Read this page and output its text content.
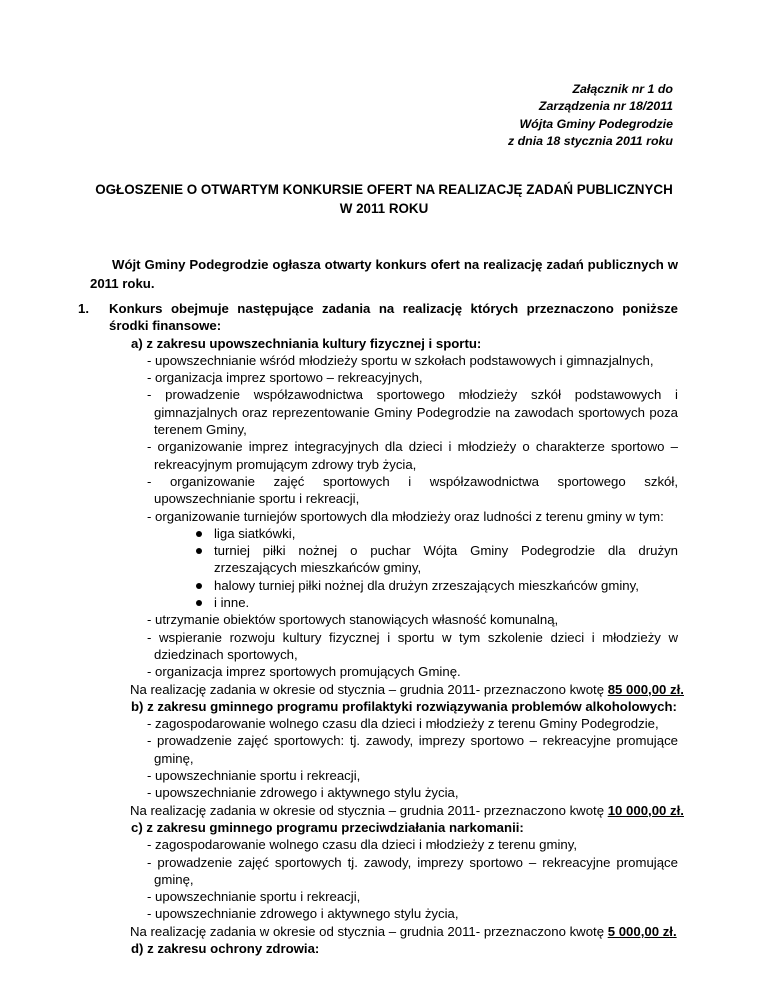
Załącznik nr 1 do
Zarządzenia nr 18/2011
Wójta Gminy Podegrodzie
z dnia 18 stycznia 2011 roku
OGŁOSZENIE O OTWARTYM KONKURSIE OFERT NA REALIZACJĘ ZADAŃ PUBLICZNYCH
W 2011 ROKU
Wójt Gminy Podegrodzie ogłasza otwarty konkurs ofert na realizację zadań publicznych w 2011 roku.
1.	Konkurs obejmuje następujące zadania na realizację których przeznaczono poniższe środki finansowe:
a) z zakresu upowszechniania kultury fizycznej i sportu:
- upowszechnianie wśród młodzieży sportu w szkołach podstawowych i gimnazjalnych,
- organizacja imprez sportowo – rekreacyjnych,
- prowadzenie współzawodnictwa sportowego młodzieży szkół podstawowych i gimnazjalnych oraz reprezentowanie Gminy Podegrodzie na zawodach sportowych poza terenem Gminy,
- organizowanie imprez integracyjnych dla dzieci i młodzieży o charakterze sportowo – rekreacyjnym promującym zdrowy tryb życia,
- organizowanie zajęć sportowych i współzawodnictwa sportowego szkół, upowszechnianie sportu i rekreacji,
- organizowanie turniejów sportowych dla młodzieży oraz ludności z terenu gminy w tym:
liga siatkówki,
turniej piłki nożnej o puchar Wójta Gminy Podegrodzie dla drużyn zrzeszających mieszkańców gminy,
halowy turniej piłki nożnej dla drużyn zrzeszających mieszkańców gminy,
i inne.
- utrzymanie obiektów sportowych stanowiących własność komunalną,
- wspieranie rozwoju kultury fizycznej i sportu w tym szkolenie dzieci i młodzieży w dziedzinach sportowych,
- organizacja imprez sportowych promujących Gminę.
Na realizację zadania w okresie od stycznia – grudnia 2011- przeznaczono kwotę 85 000,00 zł.
b) z zakresu gminnego programu profilaktyki rozwiązywania problemów alkoholowych:
- zagospodarowanie wolnego czasu dla dzieci i młodzieży z terenu Gminy Podegrodzie,
- prowadzenie zajęć sportowych: tj. zawody, imprezy sportowo – rekreacyjne promujące gminę,
- upowszechnianie sportu i rekreacji,
- upowszechnianie zdrowego i aktywnego stylu życia,
Na realizację zadania w okresie od stycznia – grudnia 2011- przeznaczono kwotę 10 000,00 zł.
c) z zakresu gminnego programu przeciwdziałania narkomanii:
- zagospodarowanie wolnego czasu dla dzieci i młodzieży z terenu gminy,
- prowadzenie zajęć sportowych tj. zawody, imprezy sportowo – rekreacyjne promujące gminę,
- upowszechnianie sportu i rekreacji,
- upowszechnianie zdrowego i aktywnego stylu życia,
Na realizację zadania w okresie od stycznia – grudnia 2011- przeznaczono kwotę 5 000,00 zł.
d) z zakresu ochrony zdrowia:
